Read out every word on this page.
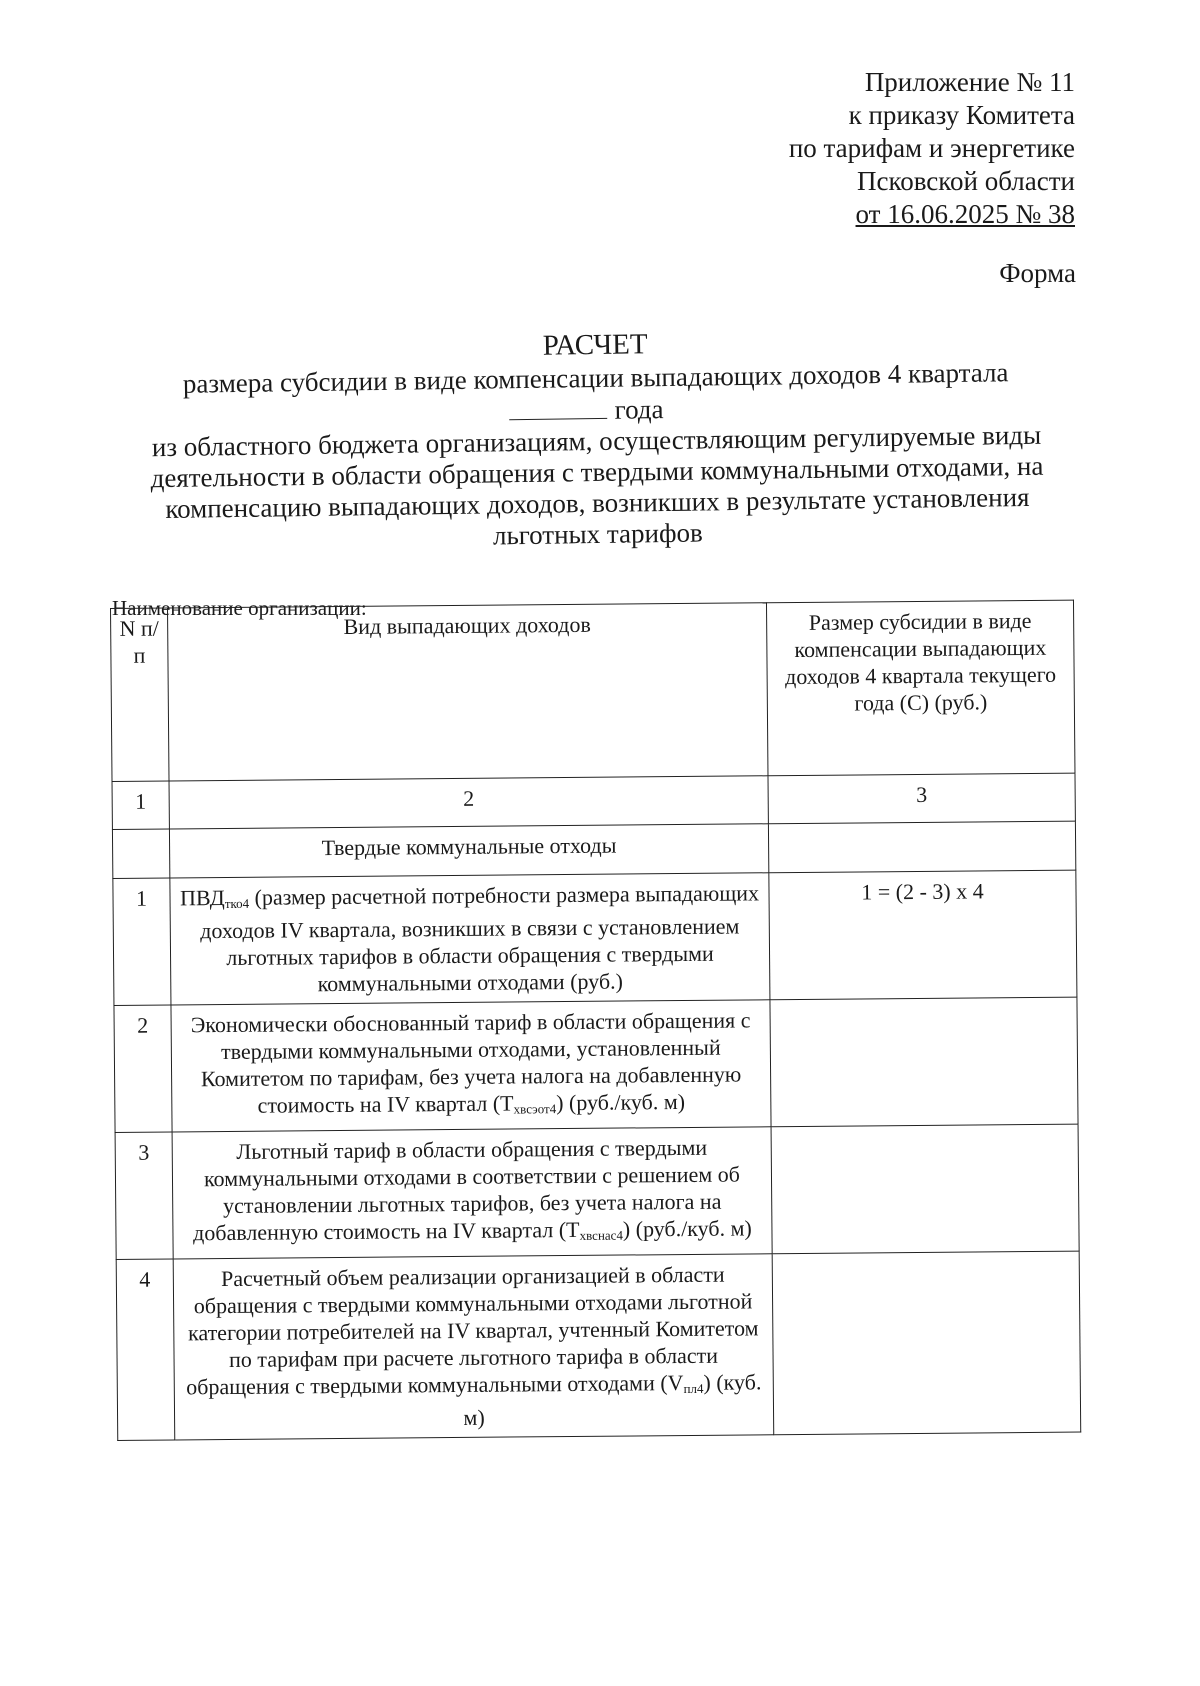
Приложение № 11
к приказу Комитета
по тарифам и энергетике
Псковской области
от 16.06.2025 № 38
Форма
РАСЧЕТ
размера субсидии в виде компенсации выпадающих доходов 4 квартала
года
из областного бюджета организациям, осуществляющим регулируемые виды
деятельности в области обращения с твердыми коммунальными отходами, на
компенсацию выпадающих доходов, возникших в результате установления
льготных тарифов
Наименование организации:
N п/п	Вид выпадающих доходов	Размер субсидии в виде компенсации выпадающих доходов 4 квартала текущего года (С) (руб.)
1	2	3
	Твердые коммунальные отходы	
1	$ПВД_{тко4}$ (размер расчетной потребности размера выпадающих доходов IV квартала, возникших в связи с установлением льготных тарифов в области обращения с твердыми коммунальными отходами (руб.)	1 = (2 - 3) x 4
2	Экономически обоснованный тариф в области обращения с твердыми коммунальными отходами, установленный Комитетом по тарифам, без учета налога на добавленную стоимость на IV квартал $(Т_{хвсэот4})$ (руб./куб. м)	
3	Льготный тариф в области обращения с твердыми коммунальными отходами в соответствии с решением об установлении льготных тарифов, без учета налога на добавленную стоимость на IV квартал $(Т_{хвснас4})$ (руб./куб. м)	
4	Расчетный объем реализации организацией в области обращения с твердыми коммунальными отходами льготной категории потребителей на IV квартал, учтенный Комитетом по тарифам при расчете льготного тарифа в области обращения с твердыми коммунальными отходами $(V_{пл4})$ (куб. м)	
